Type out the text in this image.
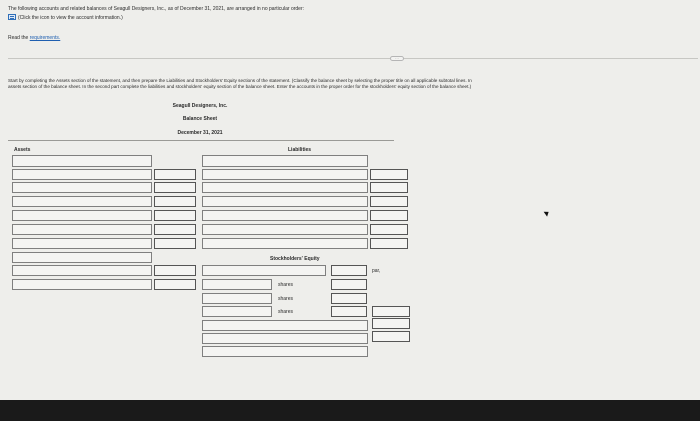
The following accounts and related balances of Seagull Designers, Inc., as of December 31, 2021, are arranged in no particular order:
(Click the icon to view the account information.)
Read the requirements.
···
Start by completing the Assets section of the statement, and then prepare the Liabilities and Stockholders' Equity sections of the statement. (Classify the balance sheet by selecting the proper title on all applicable subtotal lines. In
assets section of the balance sheet. In the second part complete the liabilities and stockholders' equity section of the balance sheet. Enter the accounts in the proper order for the stockholders' equity section of the balance sheet.)
Seagull Designers, Inc.
Balance Sheet
December 31, 2021
Assets	Liabilities
Stockholders' Equity
par,
shares
shares
shares
